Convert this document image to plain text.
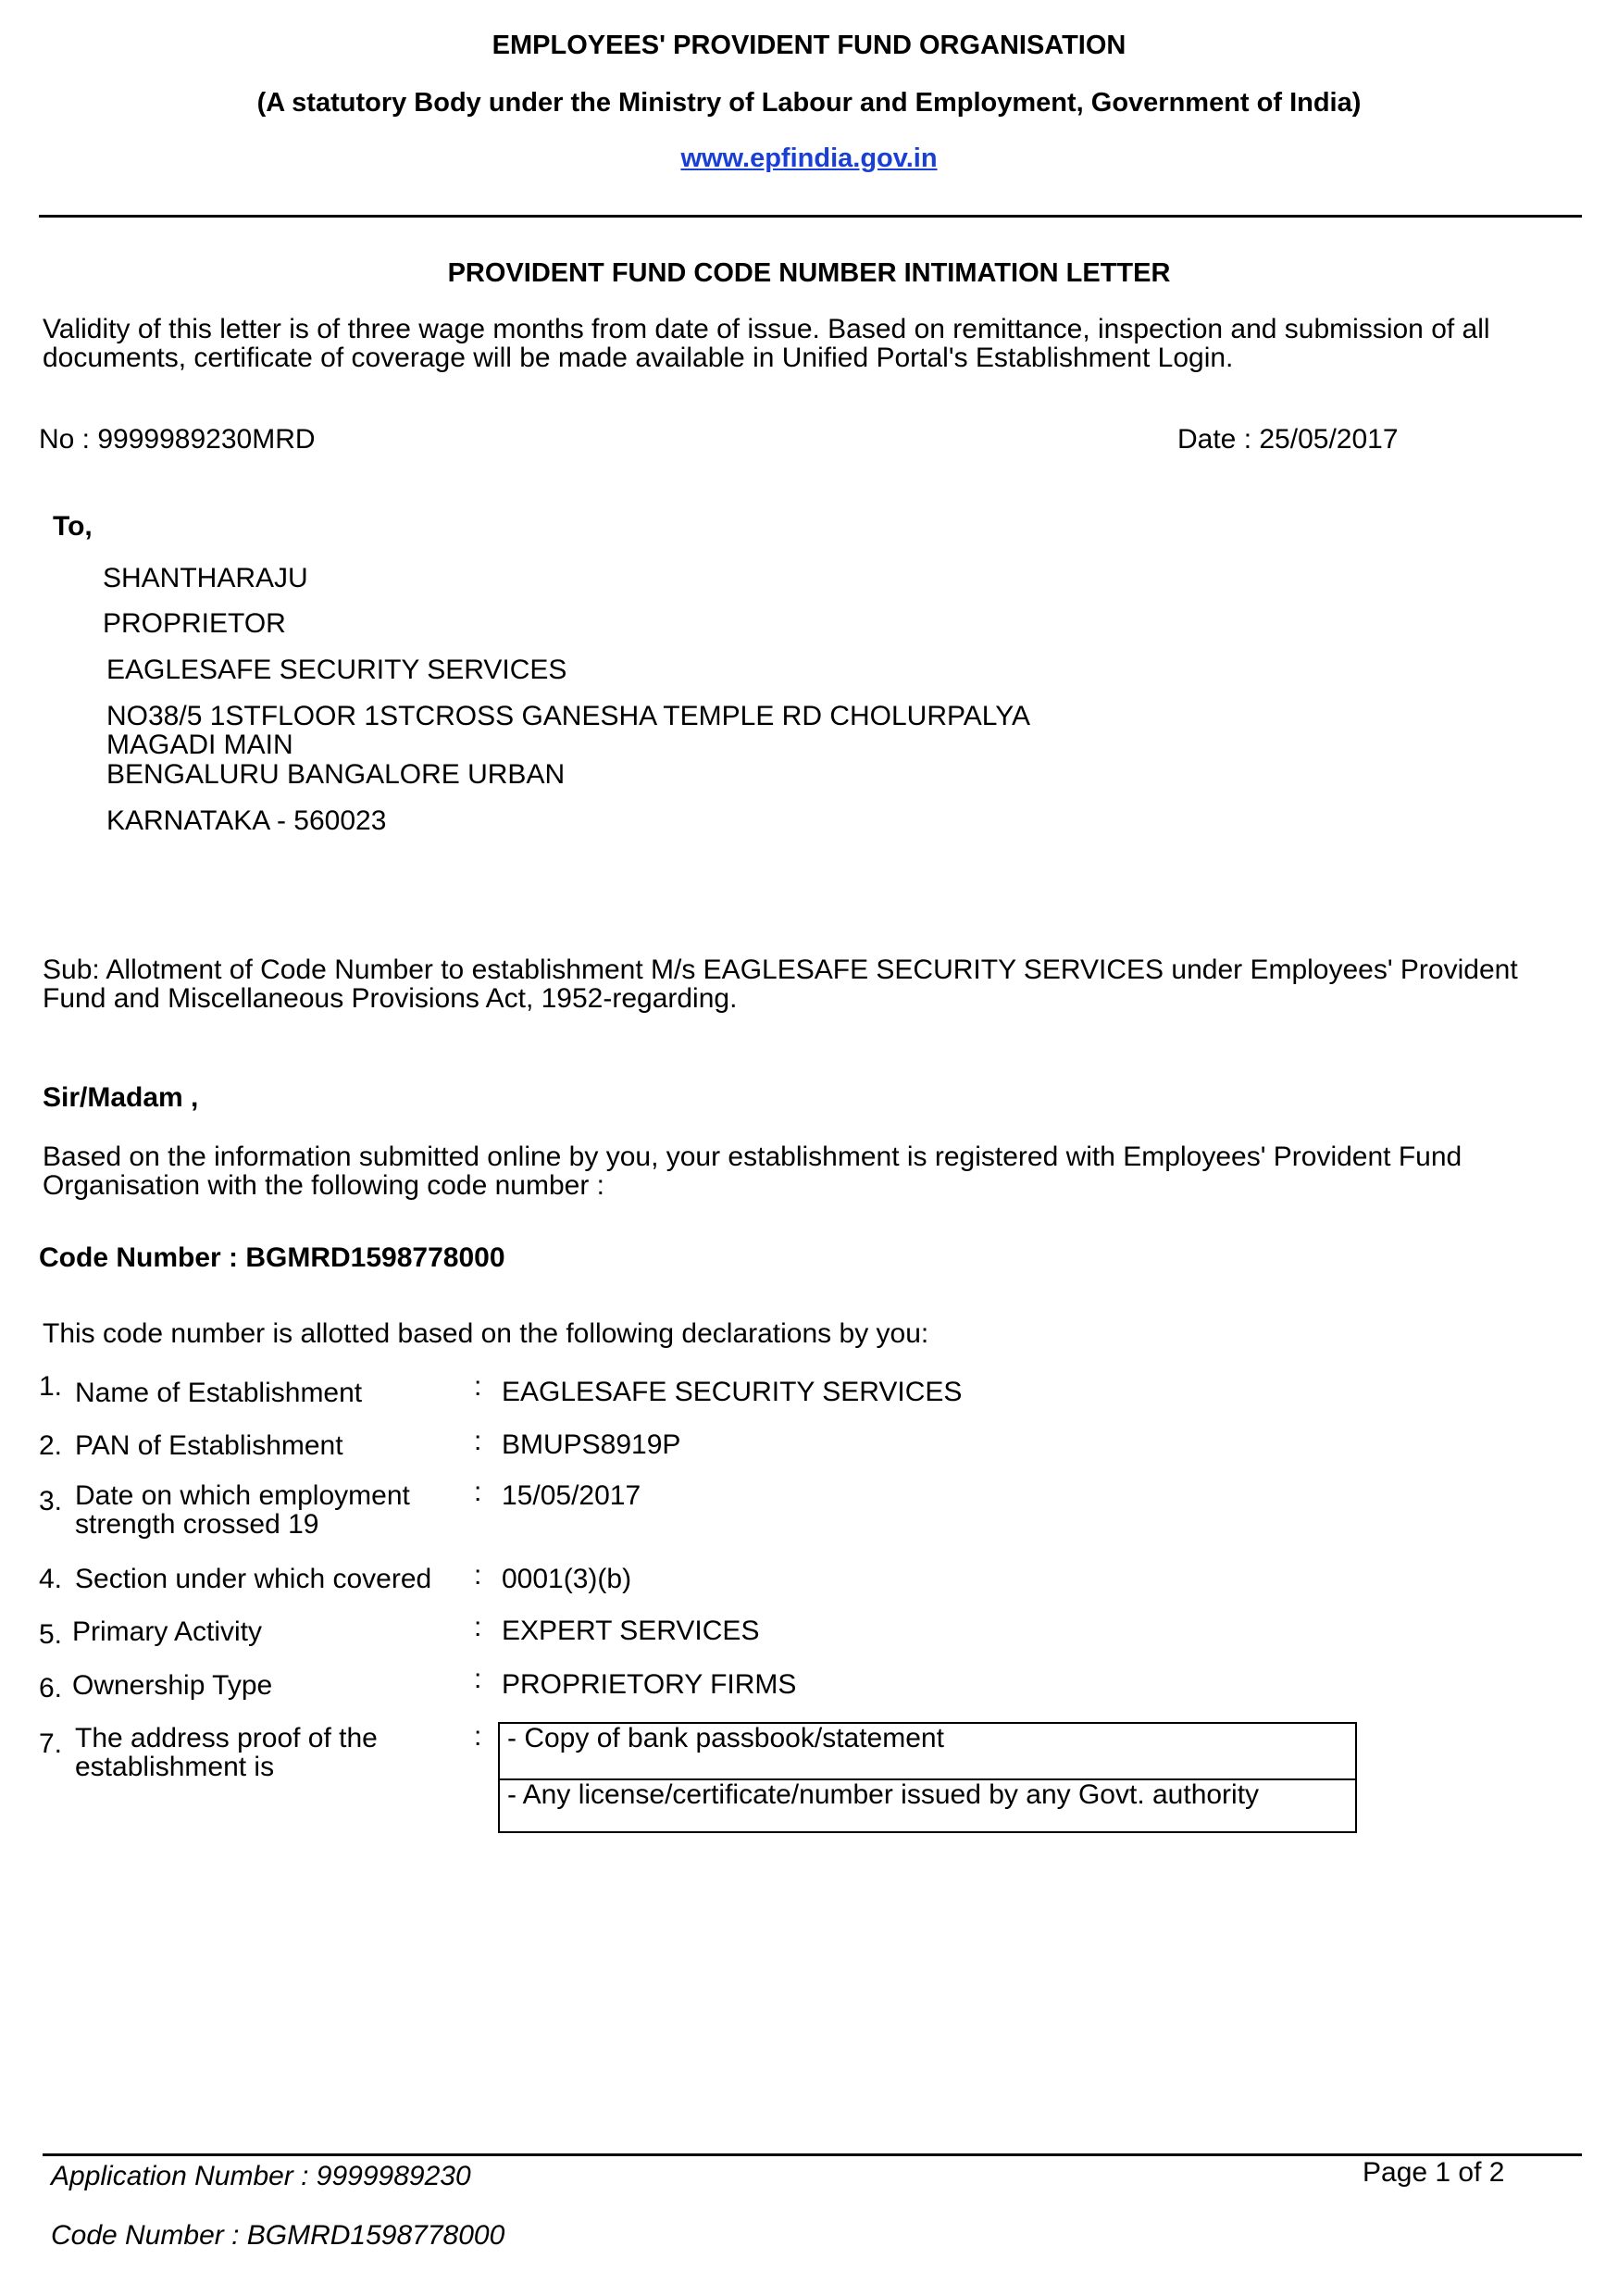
EMPLOYEES' PROVIDENT FUND ORGANISATION
(A statutory Body under the Ministry of Labour and Employment, Government of India)
www.epfindia.gov.in
PROVIDENT FUND CODE NUMBER INTIMATION LETTER
Validity of this letter is of three wage months from date of issue. Based on remittance, inspection and submission of all
documents, certificate of coverage will be made available in Unified Portal's Establishment Login.
No : 9999989230MRD	Date : 25/05/2017
To,
SHANTHARAJU
PROPRIETOR
EAGLESAFE SECURITY SERVICES
NO38/5 1STFLOOR 1STCROSS GANESHA TEMPLE RD CHOLURPALYA
MAGADI MAIN
BENGALURU BANGALORE URBAN
KARNATAKA - 560023
Sub: Allotment of Code Number to establishment M/s EAGLESAFE SECURITY SERVICES under Employees' Provident
Fund and Miscellaneous Provisions Act, 1952-regarding.
Sir/Madam ,
Based on the information submitted online by you, your establishment is registered with Employees' Provident Fund
Organisation with the following code number :
Code Number : BGMRD1598778000
This code number is allotted based on the following declarations by you:
1. Name of Establishment	: EAGLESAFE SECURITY SERVICES
2. PAN of Establishment	: BMUPS8919P
3. Date on which employment
strength crossed 19
: 15/05/2017
4. Section under which covered : 0001(3)(b)
5. Primary Activity	: EXPERT SERVICES
6. Ownership Type	: PROPRIETORY FIRMS
7. The address proof of the
establishment is
: - Copy of bank passbook/statement
- Any license/certificate/number issued by any Govt. authority
Application Number : 9999989230	Page 1 of 2
Code Number : BGMRD1598778000
